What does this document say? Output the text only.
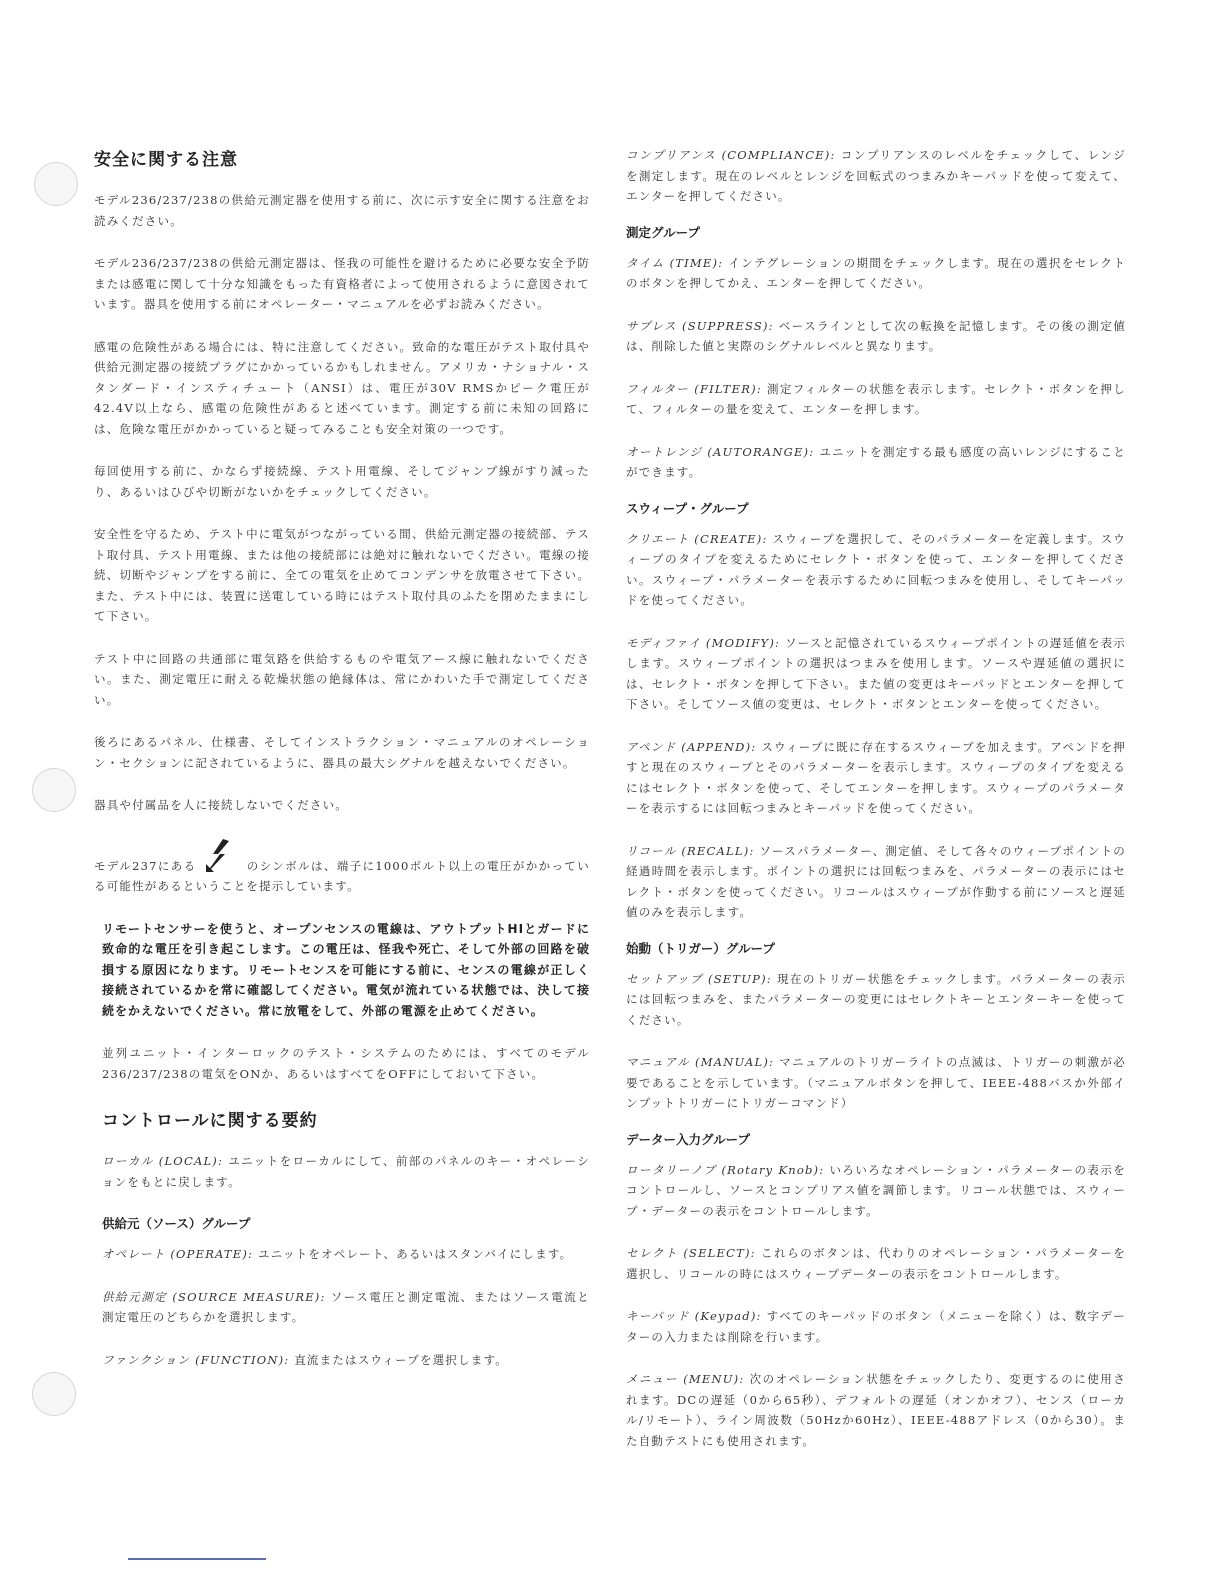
安全に関する注意

モデル236/237/238の供給元測定器を使用する前に、次に示す安全に関する注意をお読みください。

モデル236/237/238の供給元測定器は、怪我の可能性を避けるために必要な安全予防または感電に関して十分な知識をもった有資格者によって使用されるように意図されています。器具を使用する前にオペレーター・マニュアルを必ずお読みください。

感電の危険性がある場合には、特に注意してください。致命的な電圧がテスト取付具や供給元測定器の接続プラグにかかっているかもしれません。アメリカ・ナショナル・スタンダード・インスティチュート（ANSI）は、電圧が30V RMSかピーク電圧が42.4V以上なら、感電の危険性があると述べています。測定する前に未知の回路には、危険な電圧がかかっていると疑ってみることも安全対策の一つです。

毎回使用する前に、かならず接続線、テスト用電線、そしてジャンプ線がすり減ったり、あるいはひびや切断がないかをチェックしてください。

安全性を守るため、テスト中に電気がつながっている間、供給元測定器の接続部、テスト取付具、テスト用電線、または他の接続部には絶対に触れないでください。電線の接続、切断やジャンプをする前に、全ての電気を止めてコンデンサを放電させて下さい。また、テスト中には、装置に送電している時にはテスト取付具のふたを閉めたままにして下さい。

テスト中に回路の共通部に電気路を供給するものや電気アース線に触れないでください。また、測定電圧に耐える乾燥状態の絶縁体は、常にかわいた手で測定してください。

後ろにあるパネル、仕様書、そしてインストラクション・マニュアルのオペレーション・セクションに記されているように、器具の最大シグナルを越えないでください。

器具や付属品を人に接続しないでください。

モデル237にある	のシンボルは、端子に1000ボルト以上の電圧がかかっている可能性があるということを提示しています。

リモートセンサーを使うと、オープンセンスの電線は、アウトプットHIとガードに致命的な電圧を引き起こします。この電圧は、怪我や死亡、そして外部の回路を破損する原因になります。リモートセンスを可能にする前に、センスの電線が正しく接続されているかを常に確認してください。電気が流れている状態では、決して接続をかえないでください。常に放電をして、外部の電源を止めてください。

並列ユニット・インターロックのテスト・システムのためには、すべてのモデル236/237/238の電気をONか、あるいはすべてをOFFにしておいて下さい。

コントロールに関する要約

ローカル (LOCAL): ユニットをローカルにして、前部のパネルのキー・オペレーションをもとに戻します。

供給元（ソース）グループ

オペレート (OPERATE): ユニットをオペレート、あるいはスタンバイにします。

供給元測定 (SOURCE MEASURE): ソース電圧と測定電流、またはソース電流と測定電圧のどちらかを選択します。

ファンクション (FUNCTION): 直流またはスウィープを選択します。

コンプリアンス (COMPLIANCE): コンプリアンスのレベルをチェックして、レンジを測定します。現在のレベルとレンジを回転式のつまみかキーパッドを使って変えて、エンターを押してください。

測定グループ

タイム (TIME): インテグレーションの期間をチェックします。現在の選択をセレクトのボタンを押してかえ、エンターを押してください。

サプレス (SUPPRESS): ベースラインとして次の転換を記憶します。その後の測定値は、削除した値と実際のシグナルレベルと異なります。

フィルター (FILTER): 測定フィルターの状態を表示します。セレクト・ボタンを押して、フィルターの量を変えて、エンターを押します。

オートレンジ (AUTORANGE): ユニットを測定する最も感度の高いレンジにすることができます。

スウィープ・グループ

クリエート (CREATE): スウィープを選択して、そのパラメーターを定義します。スウィープのタイプを変えるためにセレクト・ボタンを使って、エンターを押してください。スウィープ・パラメーターを表示するために回転つまみを使用し、そしてキーパッドを使ってください。

モディファイ (MODIFY): ソースと記憶されているスウィープポイントの遅延値を表示します。スウィープポイントの選択はつまみを使用します。ソースや遅延値の選択には、セレクト・ボタンを押して下さい。また値の変更はキーパッドとエンターを押して下さい。そしてソース値の変更は、セレクト・ボタンとエンターを使ってください。

アペンド (APPEND): スウィープに既に存在するスウィープを加えます。アペンドを押すと現在のスウィープとそのパラメーターを表示します。スウィープのタイプを変えるにはセレクト・ボタンを使って、そしてエンターを押します。スウィープのパラメーターを表示するには回転つまみとキーパッドを使ってください。

リコール (RECALL): ソースパラメーター、測定値、そして各々のウィープポイントの経過時間を表示します。ポイントの選択には回転つまみを、パラメーターの表示にはセレクト・ボタンを使ってください。リコールはスウィープが作動する前にソースと遅延値のみを表示します。

始動（トリガー）グループ

セットアップ (SETUP): 現在のトリガー状態をチェックします。パラメーターの表示には回転つまみを、またパラメーターの変更にはセレクトキーとエンターキーを使ってください。

マニュアル (MANUAL): マニュアルのトリガーライトの点滅は、トリガーの刺激が必要であることを示しています。（マニュアルボタンを押して、IEEE-488バスか外部インプットトリガーにトリガーコマンド）

データー入力グループ

ロータリーノブ (Rotary Knob): いろいろなオペレーション・パラメーターの表示をコントロールし、ソースとコンプリアス値を調節します。リコール状態では、スウィープ・データーの表示をコントロールします。

セレクト (SELECT): これらのボタンは、代わりのオペレーション・パラメーターを選択し、リコールの時にはスウィープデーターの表示をコントロールします。

キーパッド (Keypad): すべてのキーパッドのボタン（メニューを除く）は、数字データーの入力または削除を行います。

メニュー (MENU): 次のオペレーション状態をチェックしたり、変更するのに使用されます。DCの遅延（0から65秒）、デフォルトの遅延（オンかオフ）、センス（ローカル/リモート）、ライン周波数（50Hzか60Hz）、IEEE-488アドレス（0から30）。また自動テストにも使用されます。
